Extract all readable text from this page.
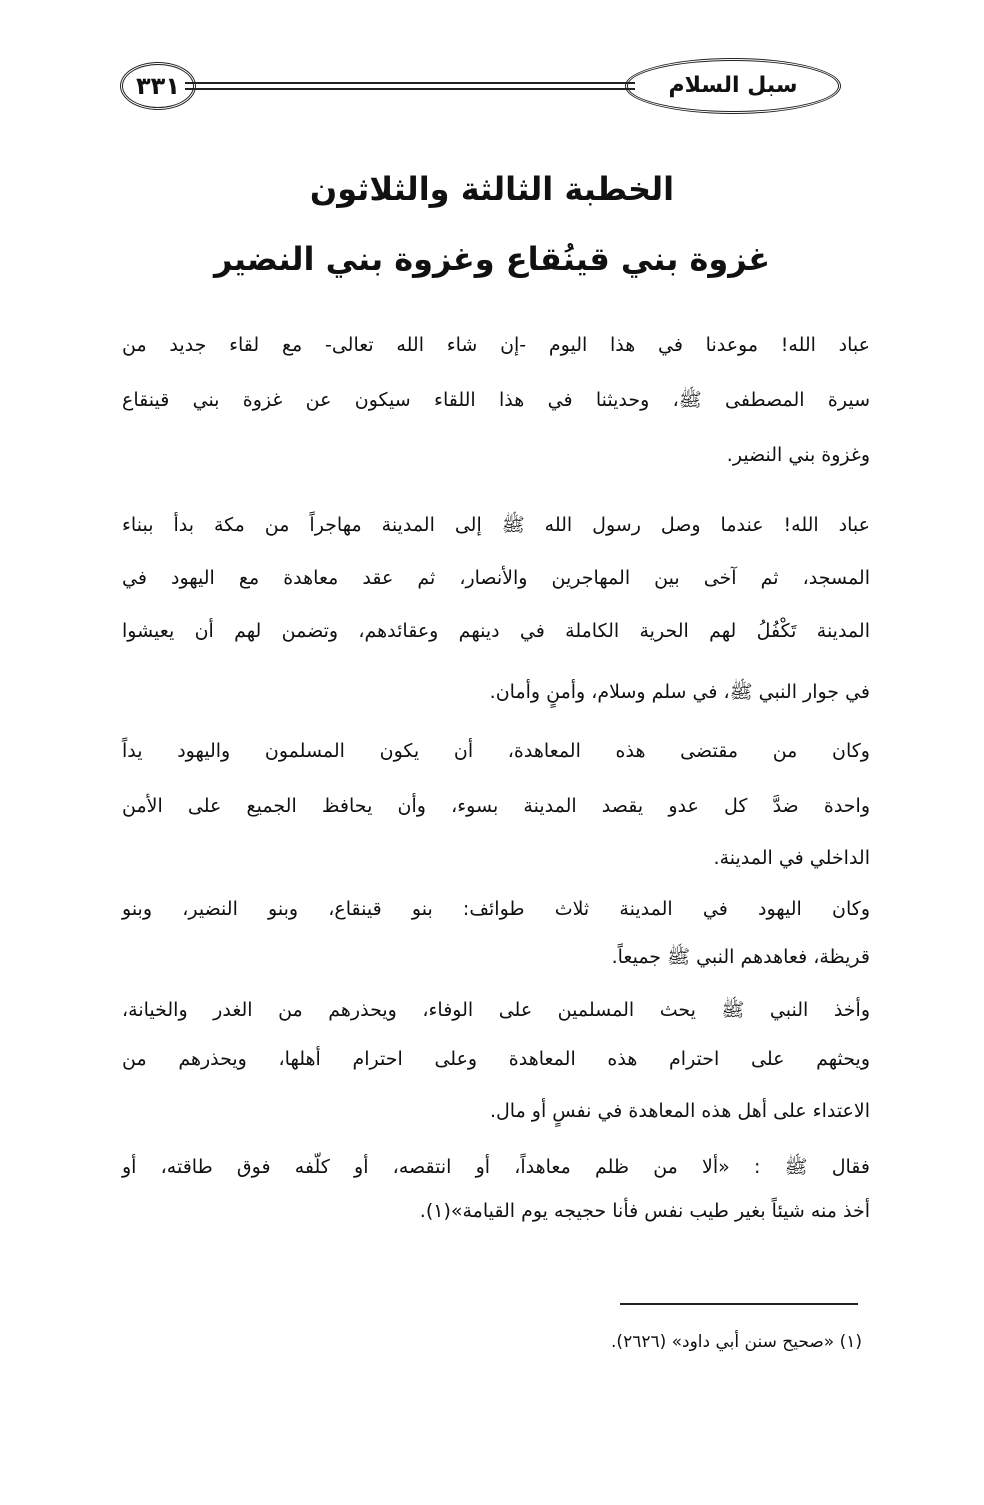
سبل السلام
٣٣١
الخطبة الثالثة والثلاثون
غزوة بني قينُقاع وغزوة بني النضير
عباد الله! موعدنا في هذا اليوم -إن شاء الله تعالى- مع لقاء جديد من
سيرة المصطفى ﷺ، وحديثنا في هذا اللقاء سيكون عن غزوة بني قينقاع
وغزوة بني النضير.
عباد الله! عندما وصل رسول الله ﷺ إلى المدينة مهاجراً من مكة بدأ ببناء
المسجد، ثم آخى بين المهاجرين والأنصار، ثم عقد معاهدة مع اليهود في
المدينة تَكْفُلُ لهم الحرية الكاملة في دينهم وعقائدهم، وتضمن لهم أن يعيشوا
في جوار النبي ﷺ، في سلم وسلام، وأمنٍ وأمان.
وكان من مقتضى هذه المعاهدة، أن يكون المسلمون واليهود يداً
واحدة ضدَّ كل عدو يقصد المدينة بسوء، وأن يحافظ الجميع على الأمن
الداخلي في المدينة.
وكان اليهود في المدينة ثلاث طوائف: بنو قينقاع، وبنو النضير، وبنو
قريظة، فعاهدهم النبي ﷺ جميعاً.
وأخذ النبي ﷺ يحث المسلمين على الوفاء، ويحذرهم من الغدر والخيانة،
ويحثهم على احترام هذه المعاهدة وعلى احترام أهلها، ويحذرهم من
الاعتداء على أهل هذه المعاهدة في نفسٍ أو مال.
فقال ﷺ : «ألا من ظلم معاهداً، أو انتقصه، أو كلّفه فوق طاقته، أو
أخذ منه شيئاً بغير طيب نفس فأنا حجيجه يوم القيامة»(١).
(١) «صحيح سنن أبي داود» (٢٦٢٦).
